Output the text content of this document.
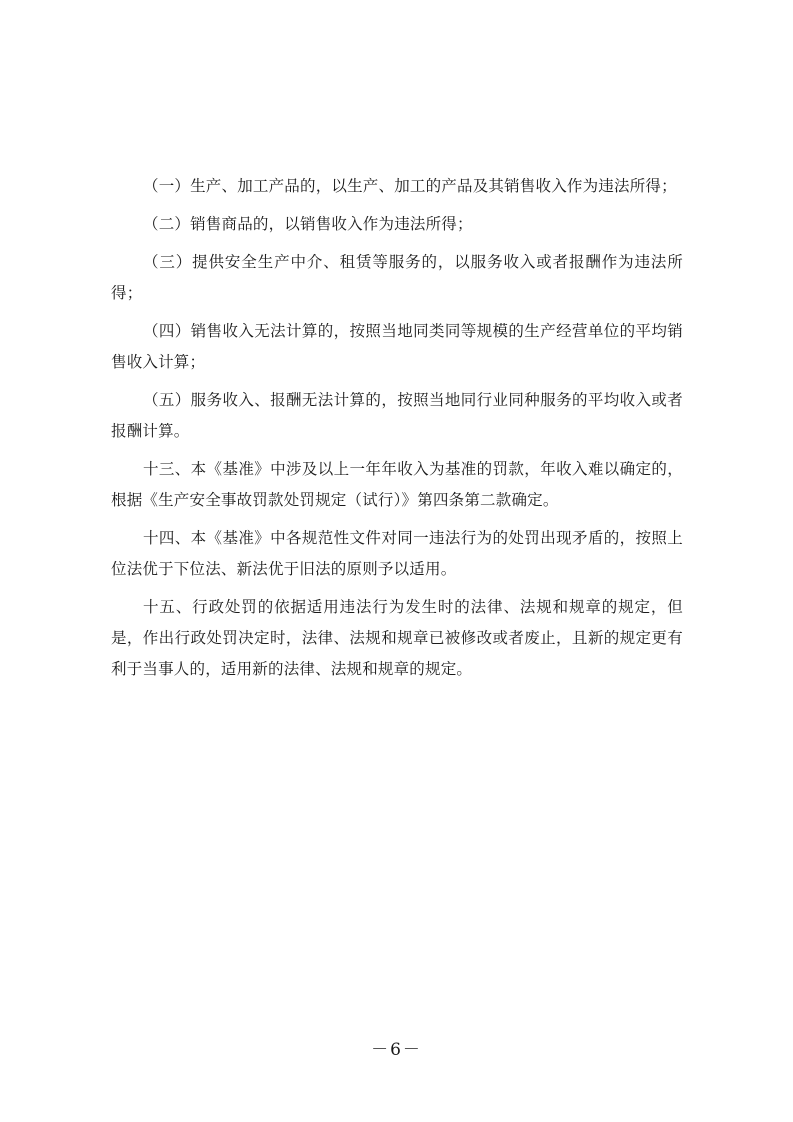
（一）生产、加工产品的，以生产、加工的产品及其销售收入作为违法所得；

（二）销售商品的，以销售收入作为违法所得；

（三）提供安全生产中介、租赁等服务的，以服务收入或者报酬作为违法所得；

（四）销售收入无法计算的，按照当地同类同等规模的生产经营单位的平均销售收入计算；

（五）服务收入、报酬无法计算的，按照当地同行业同种服务的平均收入或者报酬计算。

十三、本《基准》中涉及以上一年年收入为基准的罚款，年收入难以确定的，根据《生产安全事故罚款处罚规定（试行）》第四条第二款确定。

十四、本《基准》中各规范性文件对同一违法行为的处罚出现矛盾的，按照上位法优于下位法、新法优于旧法的原则予以适用。

十五、行政处罚的依据适用违法行为发生时的法律、法规和规章的规定，但是，作出行政处罚决定时，法律、法规和规章已被修改或者废止，且新的规定更有利于当事人的，适用新的法律、法规和规章的规定。

－6－
